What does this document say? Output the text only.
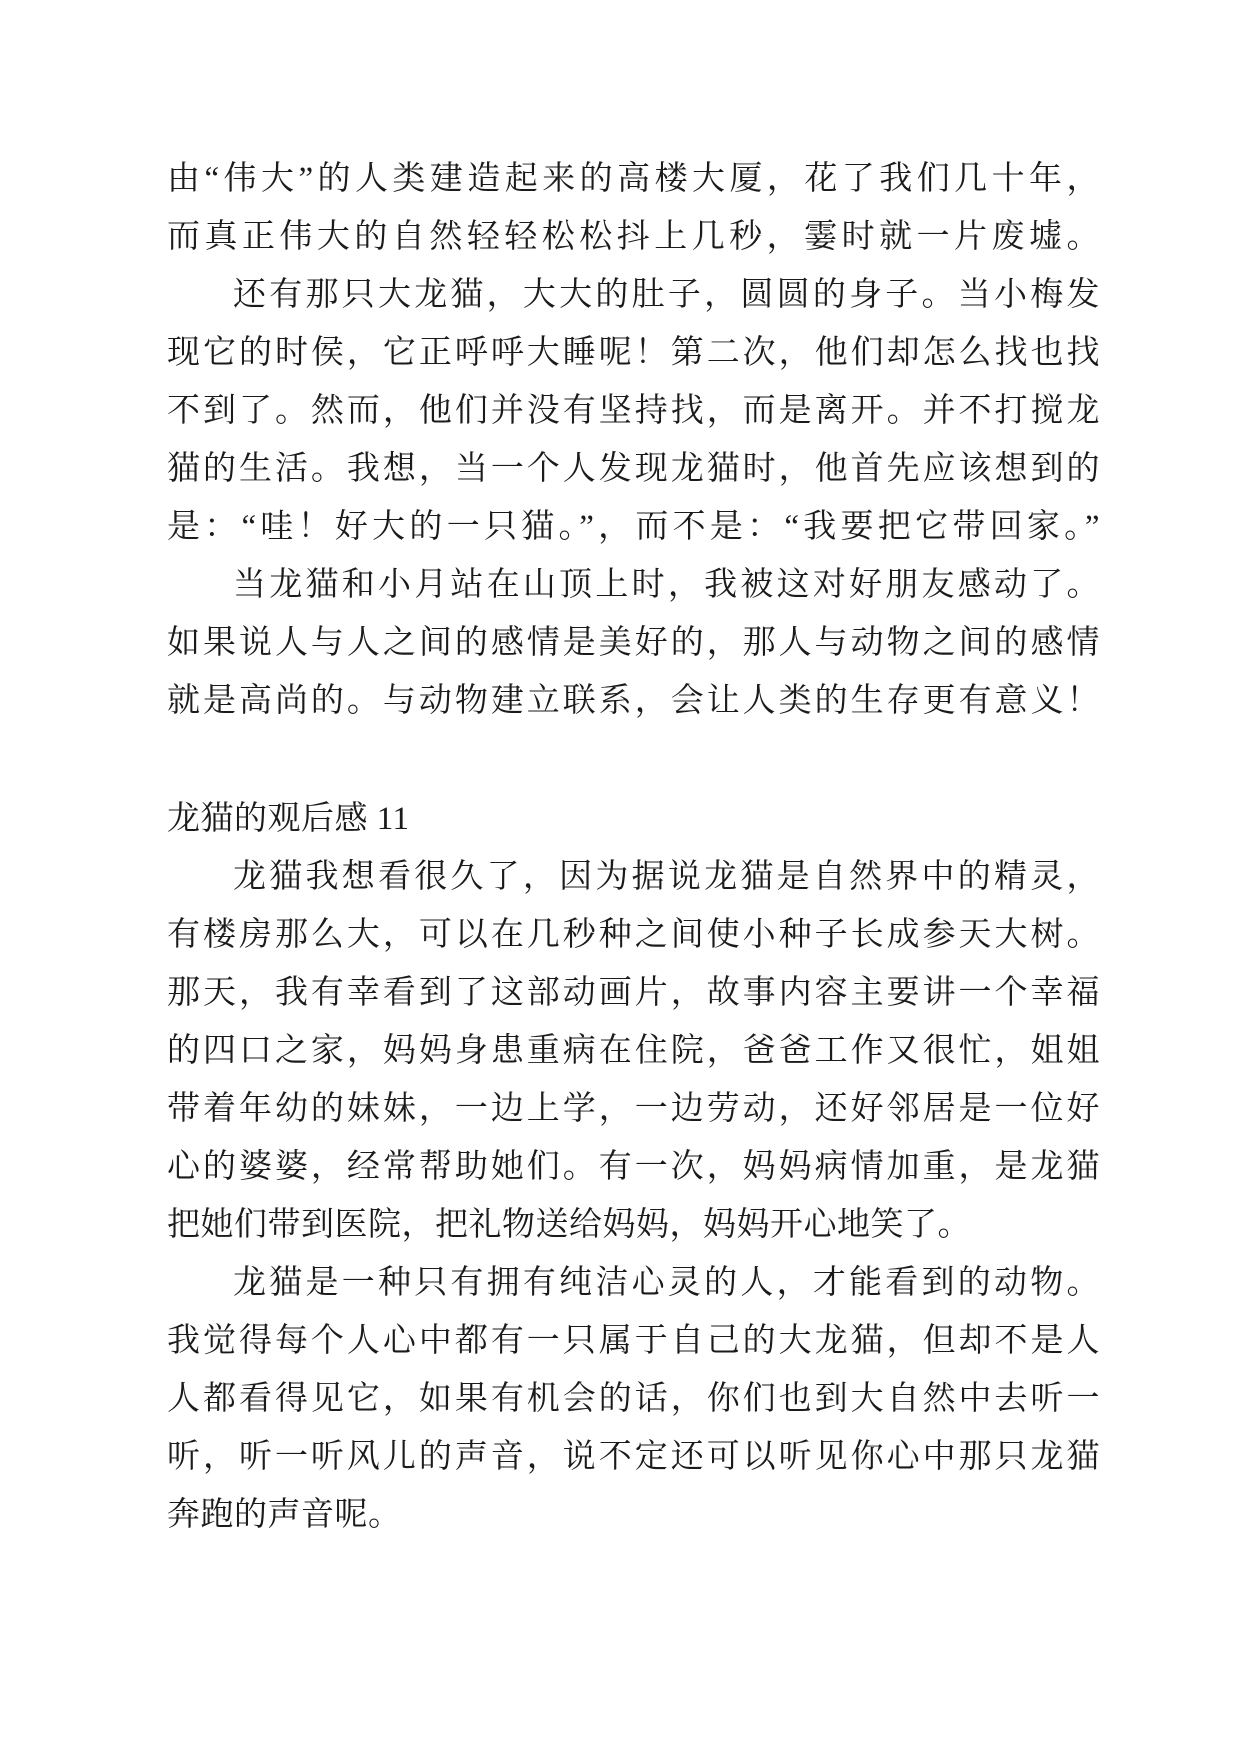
由“伟大”的人类建造起来的高楼大厦，花了我们几十年，
而真正伟大的自然轻轻松松抖上几秒，霎时就一片废墟。

还有那只大龙猫，大大的肚子，圆圆的身子。当小梅发
现它的时侯，它正呼呼大睡呢！第二次，他们却怎么找也找
不到了。然而，他们并没有坚持找，而是离开。并不打搅龙
猫的生活。我想，当一个人发现龙猫时，他首先应该想到的
是：“哇！好大的一只猫。”，而不是：“我要把它带回家。”

当龙猫和小月站在山顶上时，我被这对好朋友感动了。
如果说人与人之间的感情是美好的，那人与动物之间的感情
就是高尚的。与动物建立联系，会让人类的生存更有意义！

龙猫的观后感 11

龙猫我想看很久了，因为据说龙猫是自然界中的精灵，
有楼房那么大，可以在几秒种之间使小种子长成参天大树。
那天，我有幸看到了这部动画片，故事内容主要讲一个幸福
的四口之家，妈妈身患重病在住院，爸爸工作又很忙，姐姐
带着年幼的妹妹，一边上学，一边劳动，还好邻居是一位好
心的婆婆，经常帮助她们。有一次，妈妈病情加重，是龙猫
把她们带到医院，把礼物送给妈妈，妈妈开心地笑了。

龙猫是一种只有拥有纯洁心灵的人，才能看到的动物。
我觉得每个人心中都有一只属于自己的大龙猫，但却不是人
人都看得见它，如果有机会的话，你们也到大自然中去听一
听，听一听风儿的声音，说不定还可以听见你心中那只龙猫
奔跑的声音呢。
